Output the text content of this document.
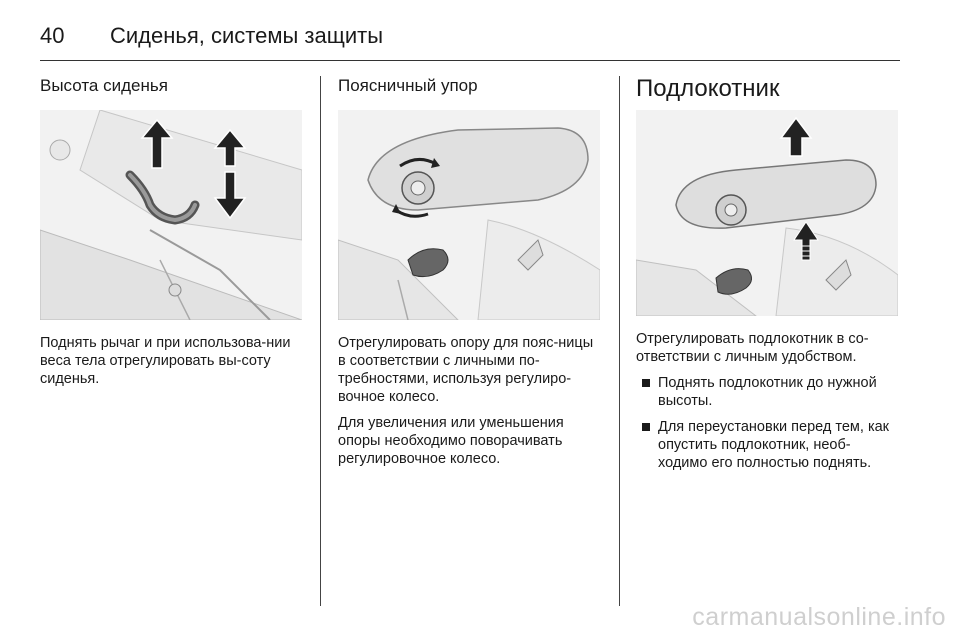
40	Сиденья, системы защиты
Высота сиденья

Поднять рычаг и при использова-нии веса тела отрегулировать вы-соту сиденья.

Поясничный упор

Отрегулировать опору для пояс-ницы в соответствии с личными по-требностями, используя регулиро-вочное колесо.

Для увеличения или уменьшения опоры необходимо поворачивать регулировочное колесо.

Подлокотник

Отрегулировать подлокотник в со-ответствии с личным удобством.

Поднять подлокотник до нужной высоты.
Для переустановки перед тем, как опустить подлокотник, необ-ходимо его полностью поднять.
carmanualsonline.info
